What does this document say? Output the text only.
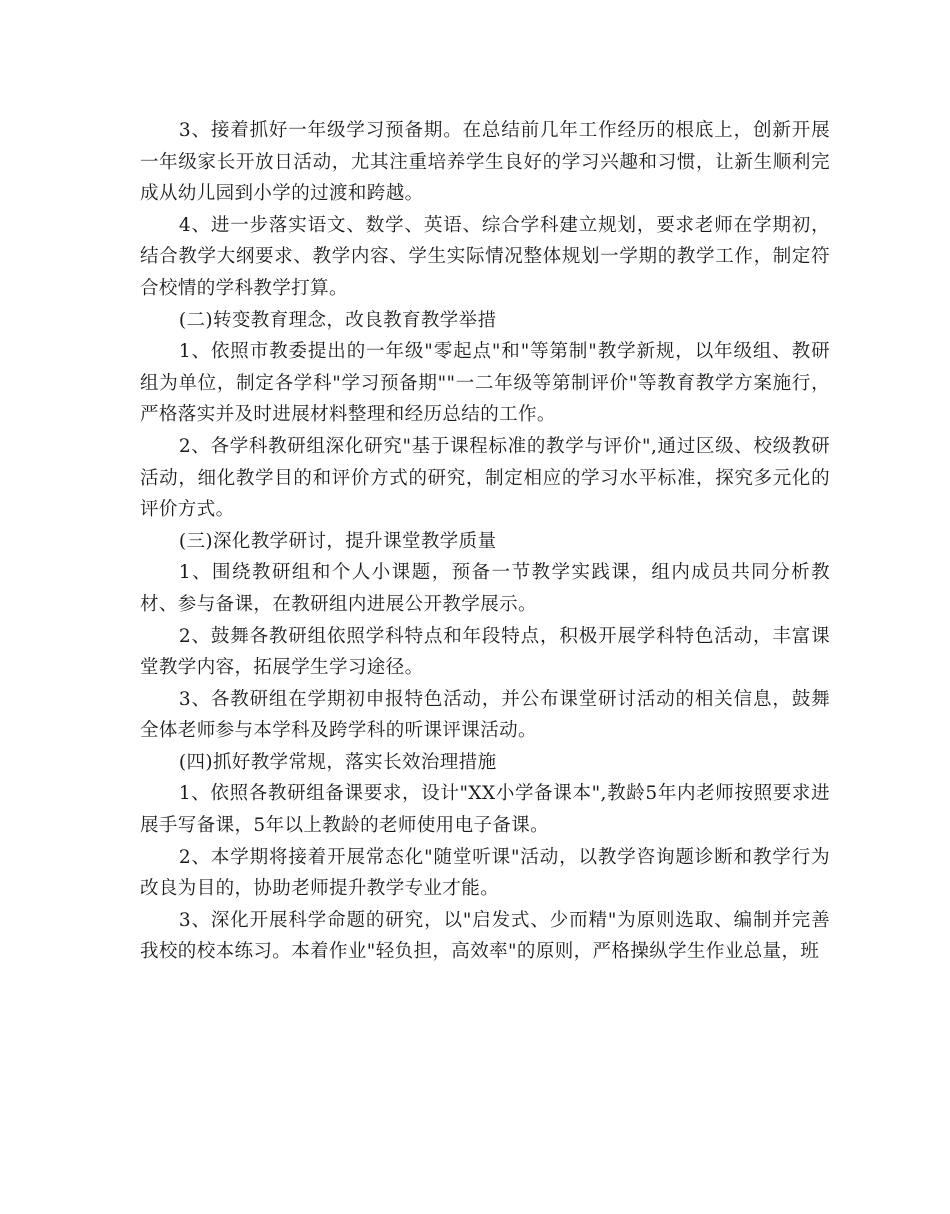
3、接着抓好一年级学习预备期。在总结前几年工作经历的根底上，创新开展一年级家长开放日活动，尤其注重培养学生良好的学习兴趣和习惯，让新生顺利完成从幼儿园到小学的过渡和跨越。

4、进一步落实语文、数学、英语、综合学科建立规划，要求老师在学期初，结合教学大纲要求、教学内容、学生实际情况整体规划一学期的教学工作，制定符合校情的学科教学打算。

(二)转变教育理念，改良教育教学举措

1、依照市教委提出的一年级"零起点"和"等第制"教学新规，以年级组、教研组为单位，制定各学科"学习预备期""一二年级等第制评价"等教育教学方案施行，严格落实并及时进展材料整理和经历总结的工作。

2、各学科教研组深化研究"基于课程标准的教学与评价",通过区级、校级教研活动，细化教学目的和评价方式的研究，制定相应的学习水平标准，探究多元化的评价方式。

(三)深化教学研讨，提升课堂教学质量

1、围绕教研组和个人小课题，预备一节教学实践课，组内成员共同分析教材、参与备课，在教研组内进展公开教学展示。

2、鼓舞各教研组依照学科特点和年段特点，积极开展学科特色活动，丰富课堂教学内容，拓展学生学习途径。

3、各教研组在学期初申报特色活动，并公布课堂研讨活动的相关信息，鼓舞全体老师参与本学科及跨学科的听课评课活动。

(四)抓好教学常规，落实长效治理措施

1、依照各教研组备课要求，设计"XX小学备课本",教龄5年内老师按照要求进展手写备课，5年以上教龄的老师使用电子备课。

2、本学期将接着开展常态化"随堂听课"活动，以教学咨询题诊断和教学行为改良为目的，协助老师提升教学专业才能。

3、深化开展科学命题的研究，以"启发式、少而精"为原则选取、编制并完善我校的校本练习。本着作业"轻负担，高效率"的原则，严格操纵学生作业总量，班
